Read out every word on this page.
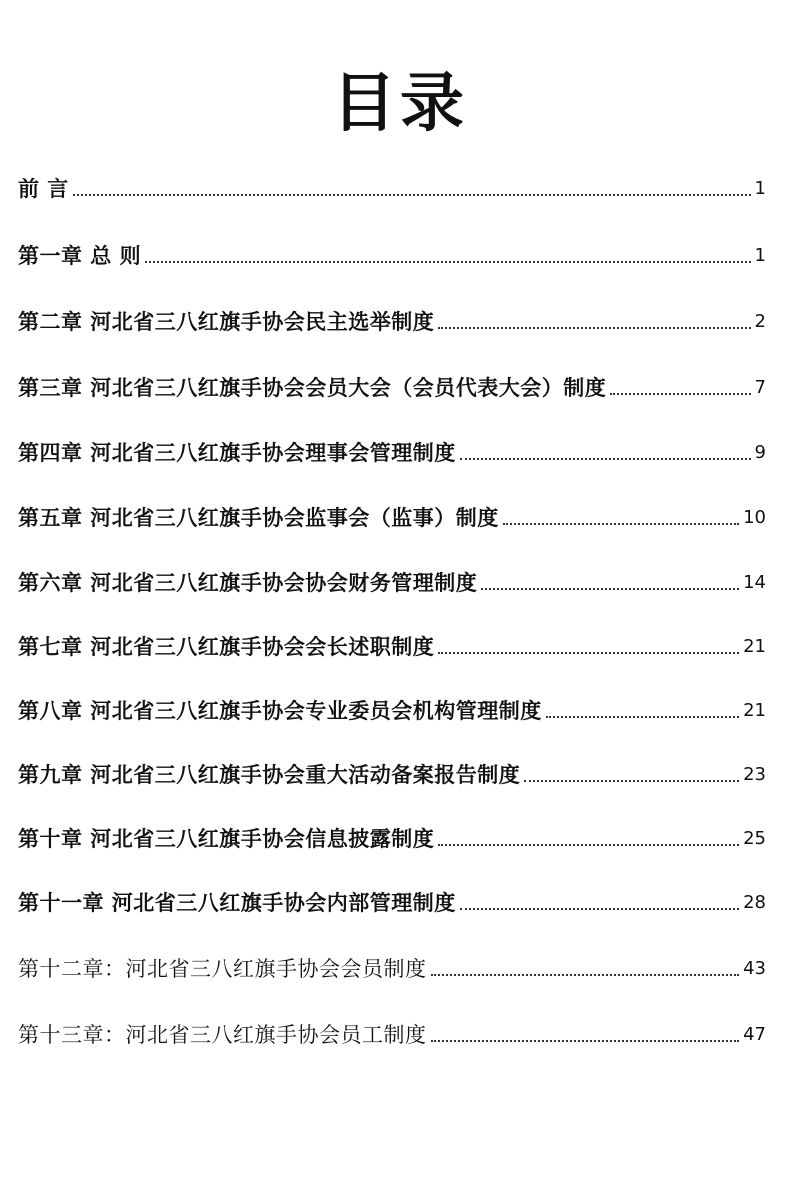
目录
前 言	1
第一章 总 则	1
第二章 河北省三八红旗手协会民主选举制度	2
第三章 河北省三八红旗手协会会员大会（会员代表大会）制度	7
第四章 河北省三八红旗手协会理事会管理制度	9
第五章 河北省三八红旗手协会监事会（监事）制度	10
第六章 河北省三八红旗手协会协会财务管理制度	14
第七章 河北省三八红旗手协会会长述职制度	21
第八章 河北省三八红旗手协会专业委员会机构管理制度	21
第九章 河北省三八红旗手协会重大活动备案报告制度	23
第十章 河北省三八红旗手协会信息披露制度	25
第十一章 河北省三八红旗手协会内部管理制度	28
第十二章：河北省三八红旗手协会会员制度	43
第十三章：河北省三八红旗手协会员工制度	47
